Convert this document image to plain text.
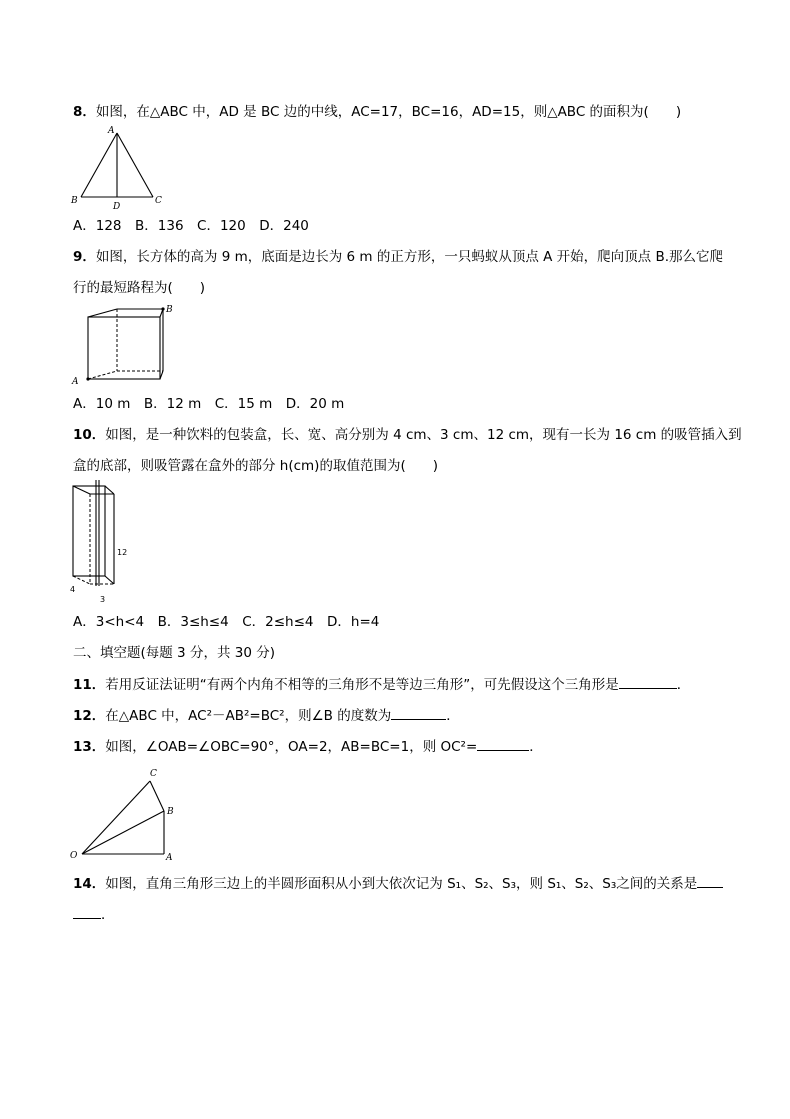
8．如图，在△ABC 中，AD 是 BC 边的中线，AC=17，BC=16，AD=15，则△ABC 的面积为(　　)
A
B	C
D
A．128　B．136　C．120　D．240
9．如图，长方体的高为 9 m，底面是边长为 6 m 的正方形，一只蚂蚁从顶点 A 开始，爬向顶点 B.那么它爬
行的最短路程为(　　)
A
B
A．10 m　B．12 m　C．15 m　D．20 m
10．如图，是一种饮料的包装盒，长、宽、高分别为 4 cm、3 cm、12 cm，现有一长为 16 cm 的吸管插入到
盒的底部，则吸管露在盒外的部分 h(cm)的取值范围为(　　)
12
4
3
A．3<h<4　B．3≤h≤4　C．2≤h≤4　D．h=4
二、填空题(每题 3 分，共 30 分)
11．若用反证法证明“有两个内角不相等的三角形不是等边三角形”，可先假设这个三角形是	．
12．在△ABC 中，AC²－AB²=BC²，则∠B 的度数为	．
13．如图，∠OAB=∠OBC=90°，OA=2，AB=BC=1，则 OC²=	．
O	A
B
C
14．如图，直角三角形三边上的半圆形面积从小到大依次记为 S₁、S₂、S₃，则 S₁、S₂、S₃之间的关系是
．
